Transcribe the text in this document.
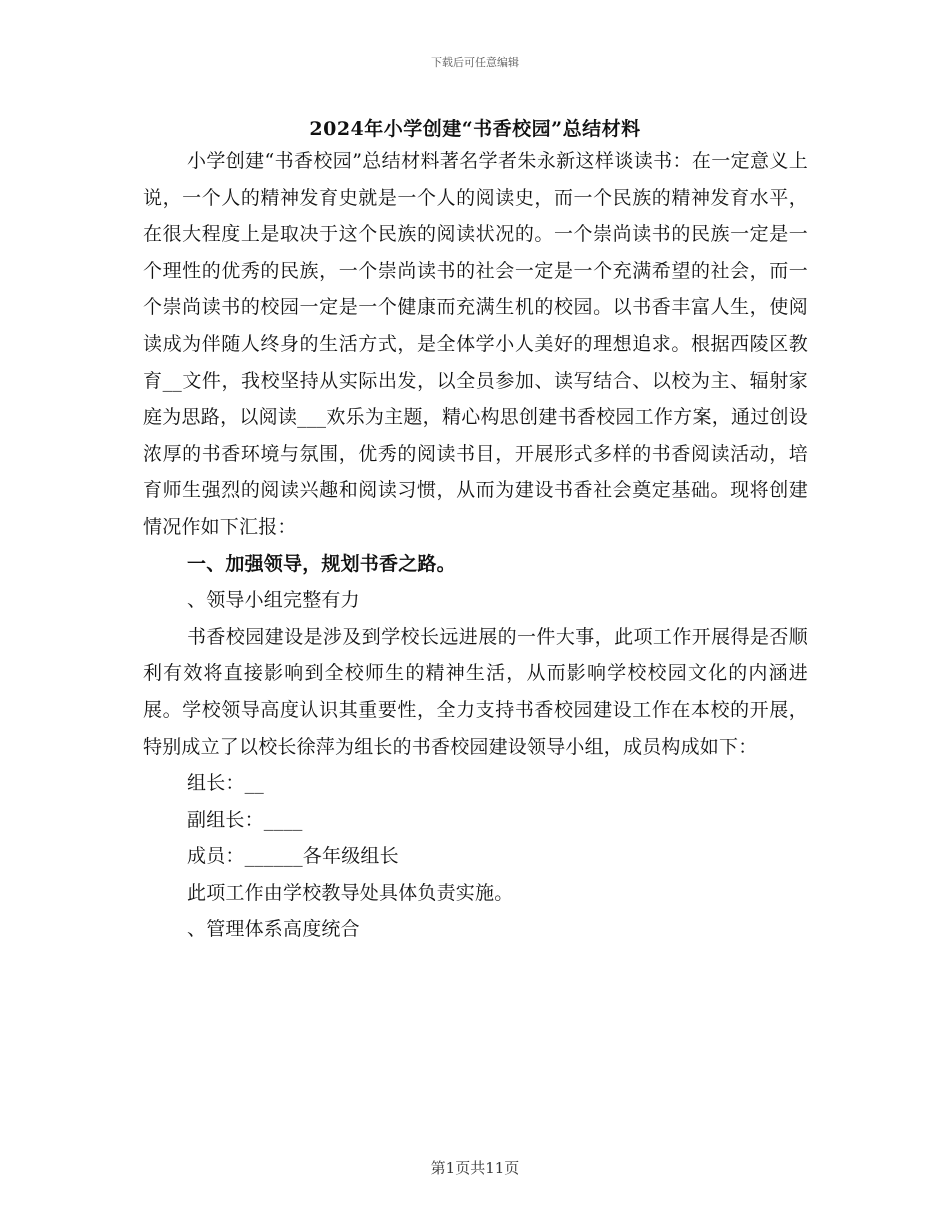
下载后可任意编辑
2024年小学创建“书香校园”总结材料

小学创建“书香校园”总结材料著名学者朱永新这样谈读书：在一定意义上说，一个人的精神发育史就是一个人的阅读史，而一个民族的精神发育水平，在很大程度上是取决于这个民族的阅读状况的。一个崇尚读书的民族一定是一个理性的优秀的民族，一个崇尚读书的社会一定是一个充满希望的社会，而一个崇尚读书的校园一定是一个健康而充满生机的校园。以书香丰富人生，使阅读成为伴随人终身的生活方式，是全体学小人美好的理想追求。根据西陵区教育__文件，我校坚持从实际出发，以全员参加、读写结合、以校为主、辐射家庭为思路，以阅读___欢乐为主题，精心构思创建书香校园工作方案，通过创设浓厚的书香环境与氛围，优秀的阅读书目，开展形式多样的书香阅读活动，培育师生强烈的阅读兴趣和阅读习惯，从而为建设书香社会奠定基础。现将创建情况作如下汇报：

一、加强领导，规划书香之路。

、领导小组完整有力

书香校园建设是涉及到学校长远进展的一件大事，此项工作开展得是否顺利有效将直接影响到全校师生的精神生活，从而影响学校校园文化的内涵进展。学校领导高度认识其重要性，全力支持书香校园建设工作在本校的开展，特别成立了以校长徐萍为组长的书香校园建设领导小组，成员构成如下：

组长：__

副组长：____

成员：______各年级组长

此项工作由学校教导处具体负责实施。

、管理体系高度统合

第1页共11页
